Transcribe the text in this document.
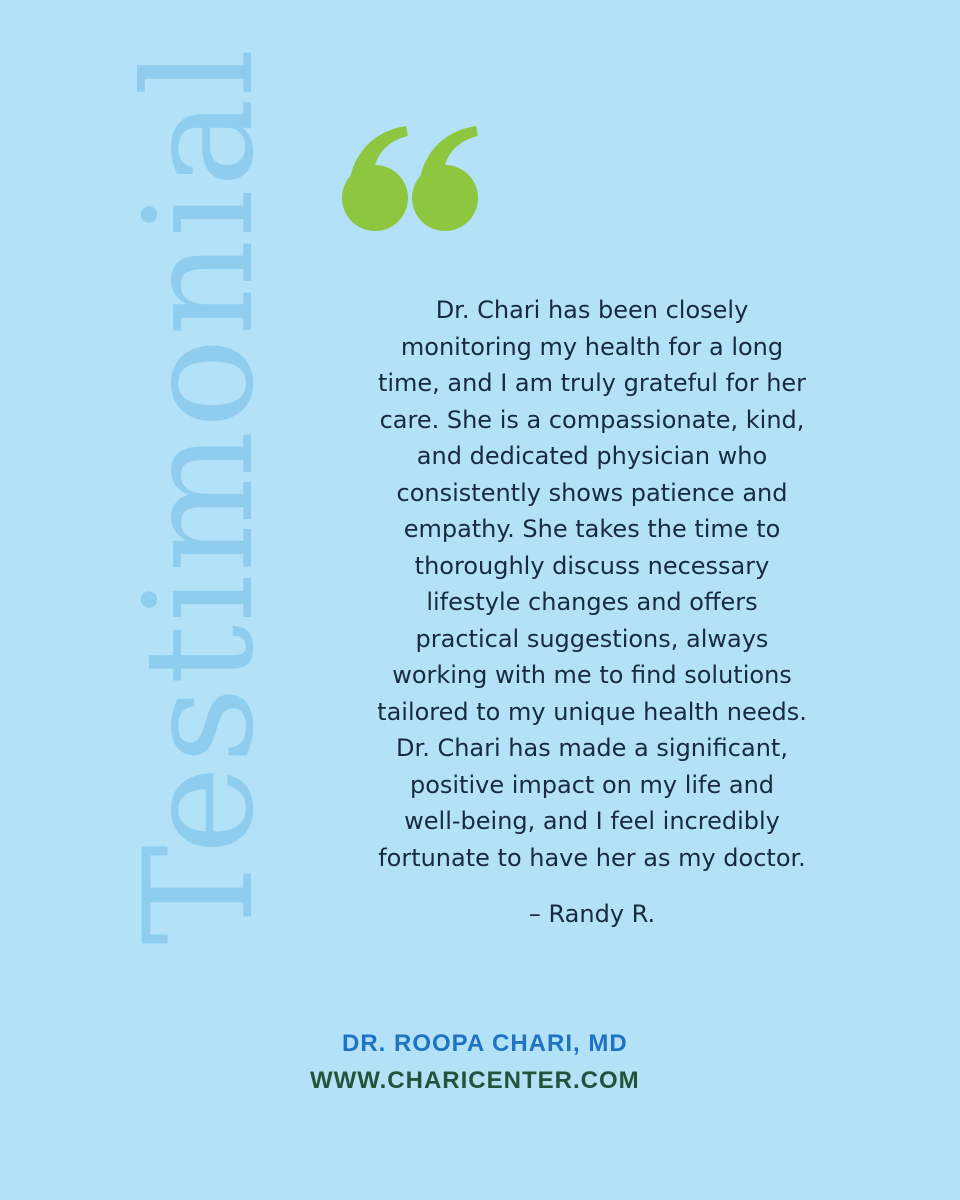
Testimonial	Dr. Chari has been closely
monitoring my health for a long
time, and I am truly grateful for her
care. She is a compassionate, kind,
and dedicated physician who
consistently shows patience and
empathy. She takes the time to
thoroughly discuss necessary
lifestyle changes and offers
practical suggestions, always
working with me to find solutions
tailored to my unique health needs.
Dr. Chari has made a significant,
positive impact on my life and
well-being, and I feel incredibly
fortunate to have her as my doctor.
– Randy R.
DR. ROOPA CHARI, MD
WWW.CHARICENTER.COM
